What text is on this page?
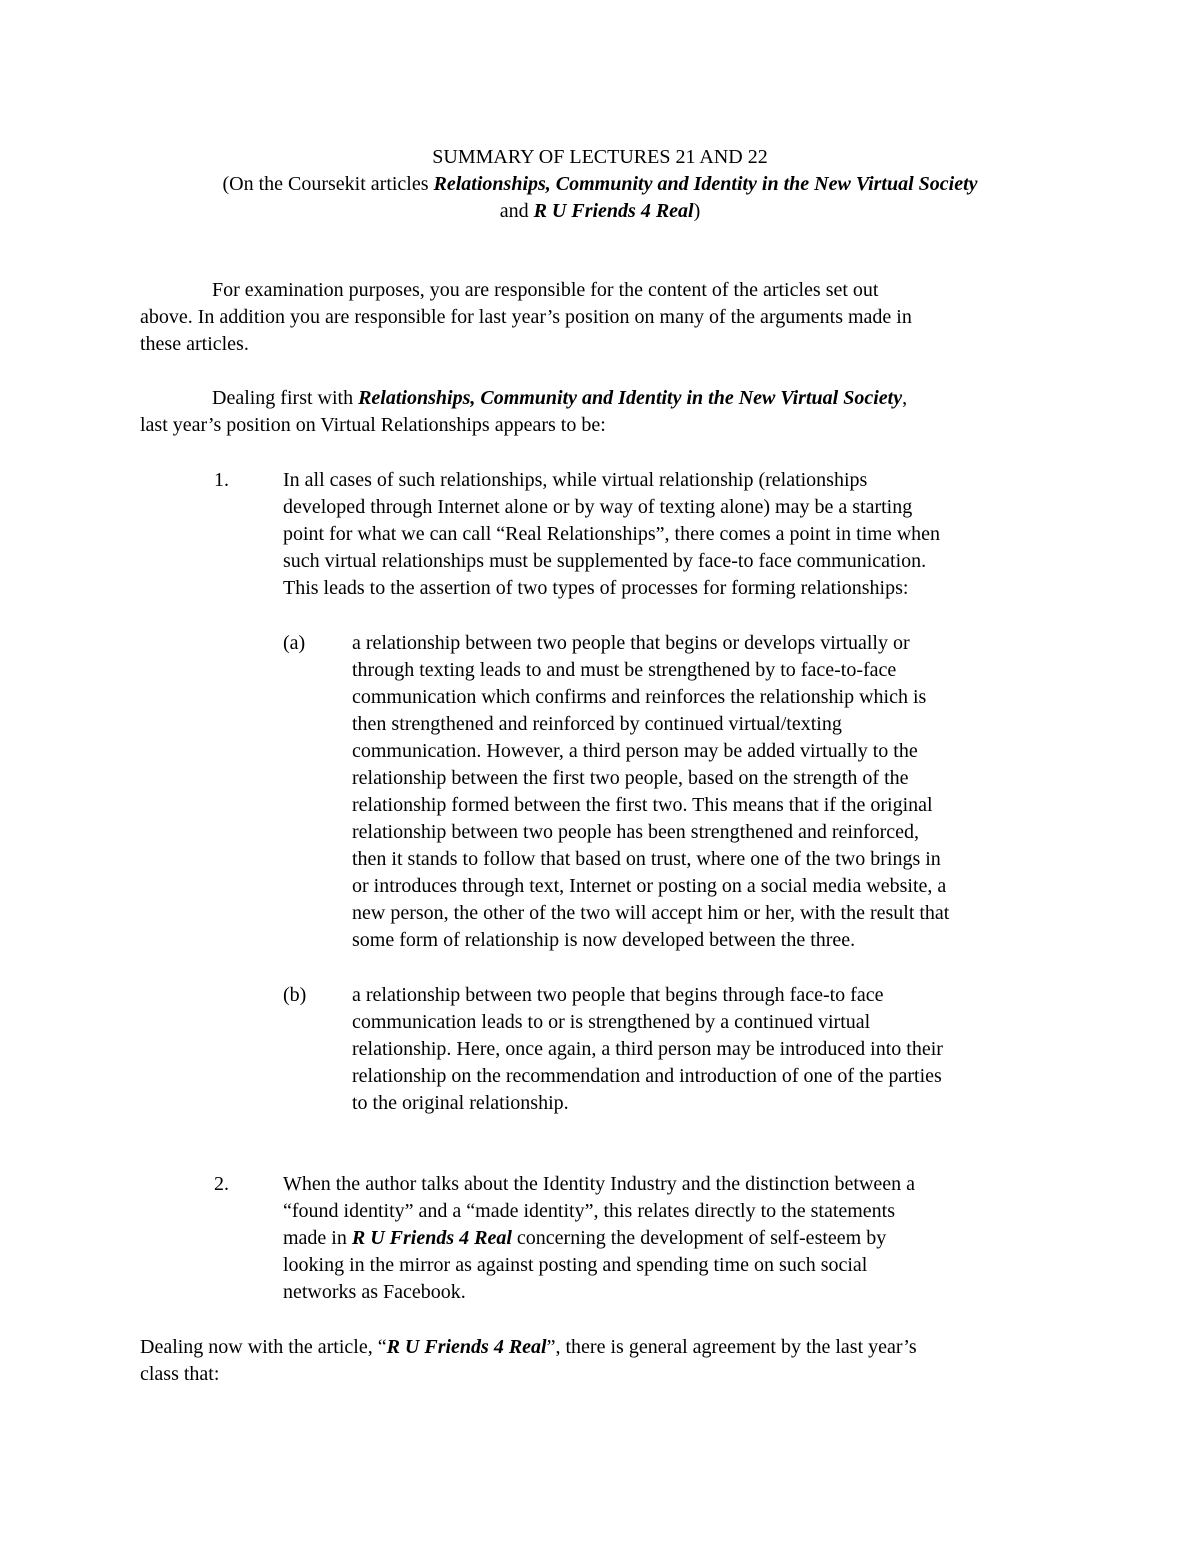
SUMMARY OF LECTURES 21 AND 22
(On the Coursekit articles Relationships, Community and Identity in the New Virtual Society
and R U Friends 4 Real)
For examination purposes, you are responsible for the content of the articles set out
above. In addition you are responsible for last year’s position on many of the arguments made in
these articles.
Dealing first with Relationships, Community and Identity in the New Virtual Society,
last year’s position on Virtual Relationships appears to be:
1.	In all cases of such relationships, while virtual relationship (relationships
developed through Internet alone or by way of texting alone) may be a starting
point for what we can call “Real Relationships”, there comes a point in time when
such virtual relationships must be supplemented by face-to face communication.
This leads to the assertion of two types of processes for forming relationships:
(a) a relationship between two people that begins or develops virtually or
through texting leads to and must be strengthened by to face-to-face
communication which confirms and reinforces the relationship which is
then strengthened and reinforced by continued virtual/texting
communication. However, a third person may be added virtually to the
relationship between the first two people, based on the strength of the
relationship formed between the first two. This means that if the original
relationship between two people has been strengthened and reinforced,
then it stands to follow that based on trust, where one of the two brings in
or introduces through text, Internet or posting on a social media website, a
new person, the other of the two will accept him or her, with the result that
some form of relationship is now developed between the three.
(b) a relationship between two people that begins through face-to face
communication leads to or is strengthened by a continued virtual
relationship. Here, once again, a third person may be introduced into their
relationship on the recommendation and introduction of one of the parties
to the original relationship.
2.	When the author talks about the Identity Industry and the distinction between a
“found identity” and a “made identity”, this relates directly to the statements
made in R U Friends 4 Real concerning the development of self-esteem by
looking in the mirror as against posting and spending time on such social
networks as Facebook.
Dealing now with the article, “R U Friends 4 Real”, there is general agreement by the last year’s
class that:
